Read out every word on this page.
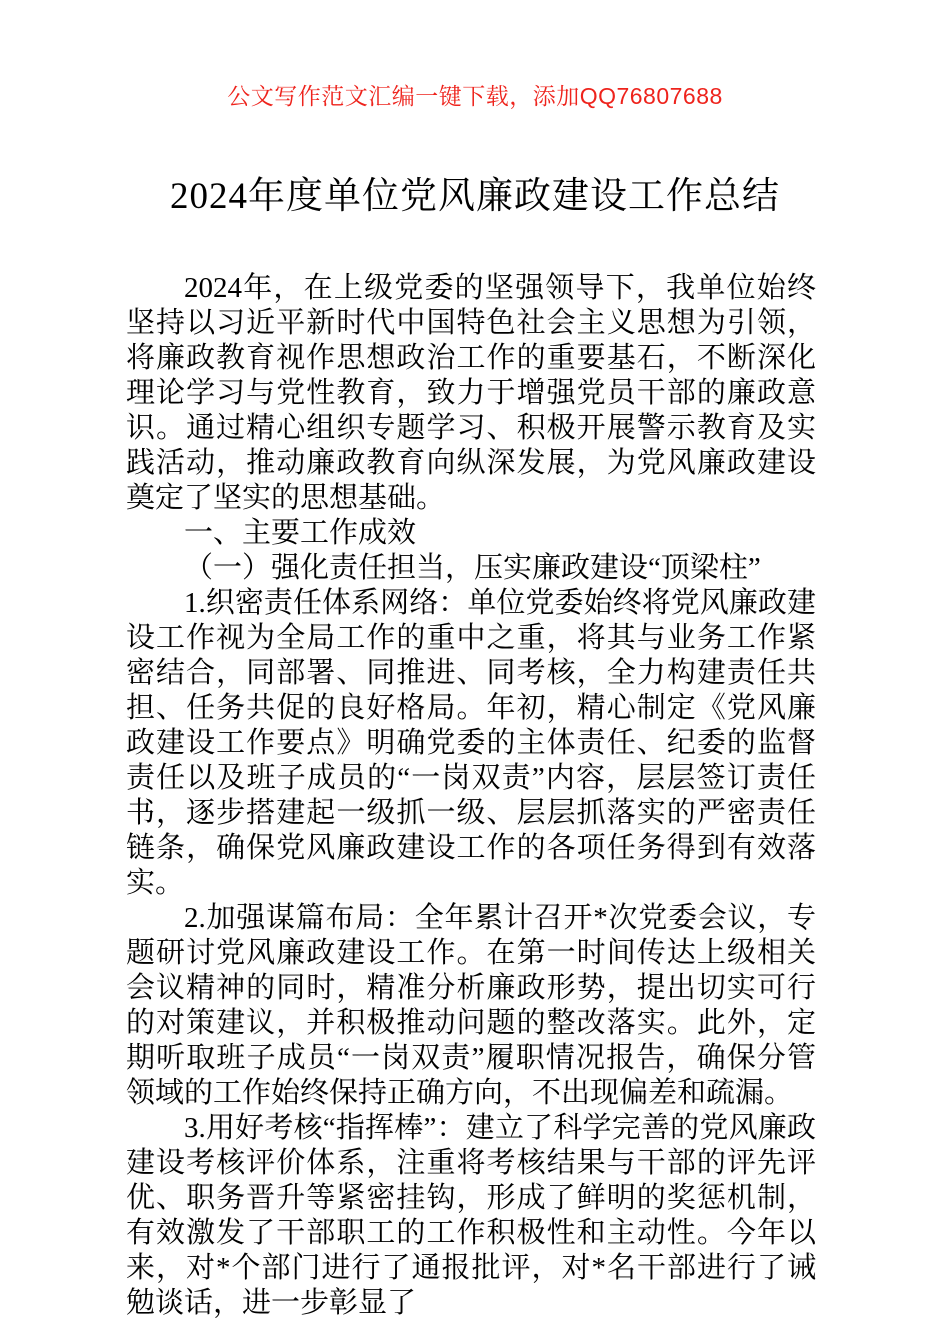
公文写作范文汇编一键下载，添加QQ76807688
2024年度单位党风廉政建设工作总结

2024年，在上级党委的坚强领导下，我单位始终坚持以习近平新时代中国特色社会主义思想为引领，将廉政教育视作思想政治工作的重要基石，不断深化理论学习与党性教育，致力于增强党员干部的廉政意识。通过精心组织专题学习、积极开展警示教育及实践活动，推动廉政教育向纵深发展，为党风廉政建设奠定了坚实的思想基础。

一、主要工作成效

（一）强化责任担当，压实廉政建设“顶梁柱”

1.织密责任体系网络：单位党委始终将党风廉政建设工作视为全局工作的重中之重，将其与业务工作紧密结合，同部署、同推进、同考核，全力构建责任共担、任务共促的良好格局。年初，精心制定《党风廉政建设工作要点》明确党委的主体责任、纪委的监督责任以及班子成员的“一岗双责”内容，层层签订责任书，逐步搭建起一级抓一级、层层抓落实的严密责任链条，确保党风廉政建设工作的各项任务得到有效落实。

2.加强谋篇布局：全年累计召开*次党委会议，专题研讨党风廉政建设工作。在第一时间传达上级相关会议精神的同时，精准分析廉政形势，提出切实可行的对策建议，并积极推动问题的整改落实。此外，定期听取班子成员“一岗双责”履职情况报告，确保分管领域的工作始终保持正确方向，不出现偏差和疏漏。

3.用好考核“指挥棒”：建立了科学完善的党风廉政建设考核评价体系，注重将考核结果与干部的评先评优、职务晋升等紧密挂钩，形成了鲜明的奖惩机制，有效激发了干部职工的工作积极性和主动性。今年以来，对*个部门进行了通报批评，对*名干部进行了诫勉谈话，进一步彰显了
